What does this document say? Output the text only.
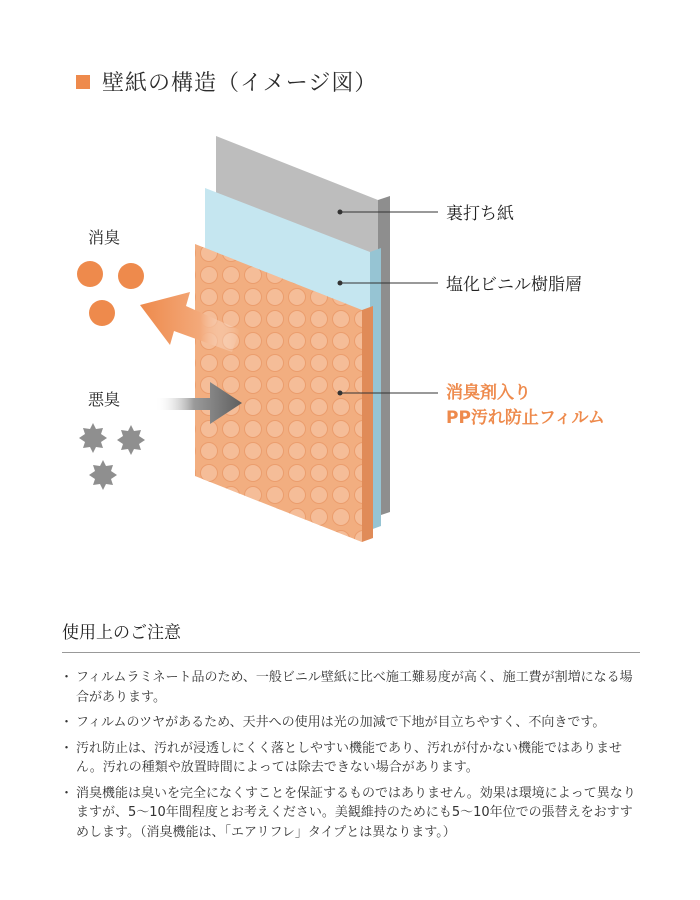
壁紙の構造（イメージ図）
裏打ち紙
塩化ビニル樹脂層
消臭剤入り
PP汚れ防止フィルム
消臭
悪臭
使用上のご注意
・ フィルムラミネート品のため、一般ビニル壁紙に比べ施工難易度が高く、施工費が割増になる場合があります。
・ フィルムのツヤがあるため、天井への使用は光の加減で下地が目立ちやすく、不向きです。
・ 汚れ防止は、汚れが浸透しにくく落としやすい機能であり、汚れが付かない機能ではありません。汚れの種類や放置時間によっては除去できない場合があります。
・ 消臭機能は臭いを完全になくすことを保証するものではありません。効果は環境によって異なりますが、5〜10年間程度とお考えください。美観維持のためにも5〜10年位での張替えをおすすめします。（消臭機能は、「エアリフレ」タイプとは異なります。）
